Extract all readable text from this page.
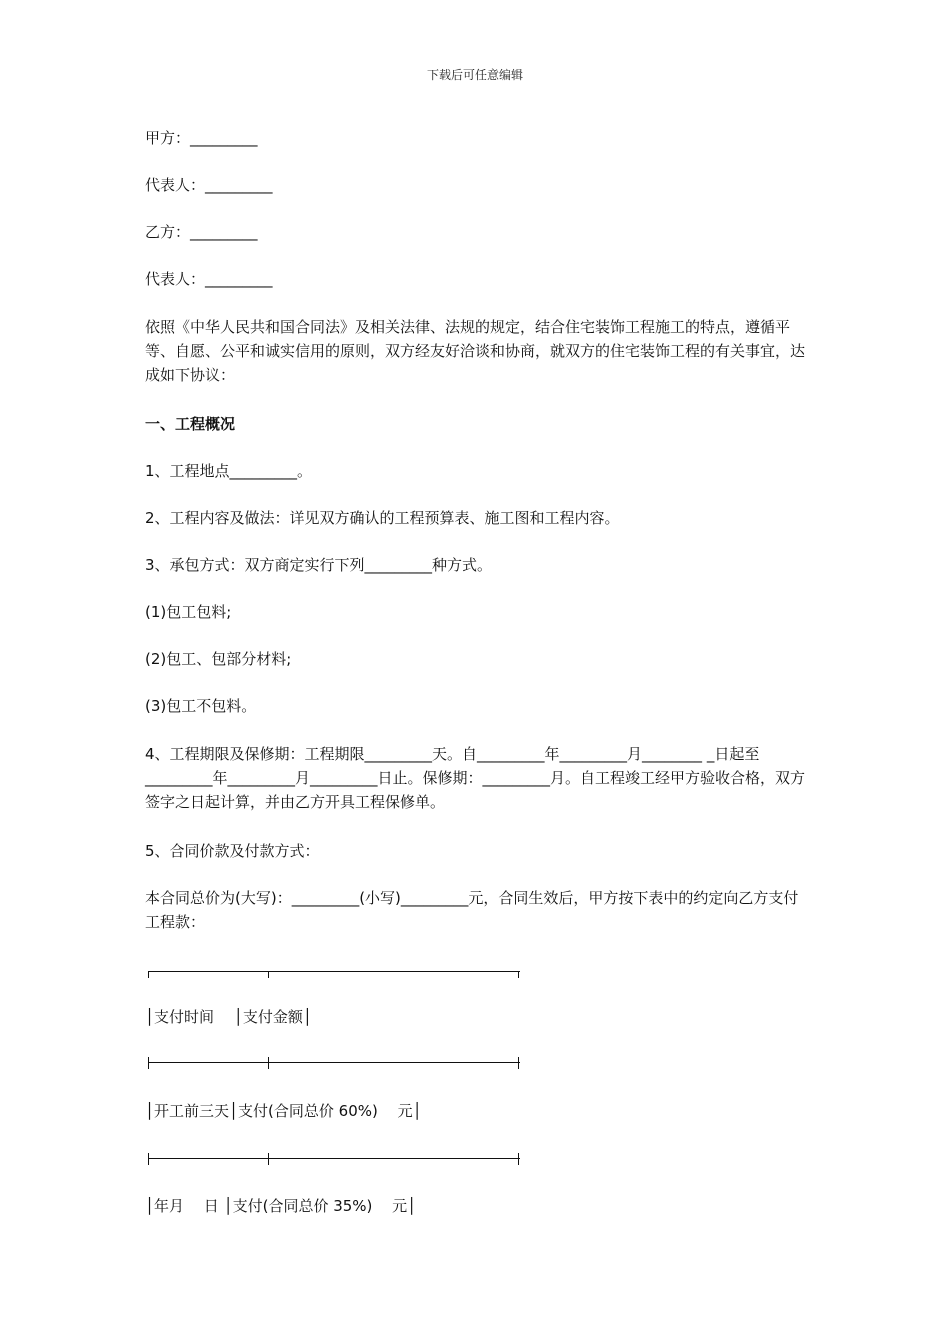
下载后可任意编辑
甲方：_________
代表人：_________
乙方：_________
代表人：_________
依照《中华人民共和国合同法》及相关法律、法规的规定，结合住宅装饰工程施工的特点，遵循平等、自愿、公平和诚实信用的原则，双方经友好洽谈和协商，就双方的住宅装饰工程的有关事宜，达成如下协议：
一、工程概况
1、工程地点_________。
2、工程内容及做法：详见双方确认的工程预算表、施工图和工程内容。
3、承包方式：双方商定实行下列_________种方式。
(1)包工包料;
(2)包工、包部分材料;
(3)包工不包料。
4、工程期限及保修期：工程期限_________天。自_________年_________月________ _日起至_________年_________月_________日止。保修期：_________月。自工程竣工经甲方验收合格，双方签字之日起计算，并由乙方开具工程保修单。
5、合同价款及付款方式：
本合同总价为(大写)：_________(小写)_________元，合同生效后，甲方按下表中的约定向乙方支付工程款：
│支付时间　 │支付金额│
│开工前三天│支付(合同总价 60%)　 元│
│年月　 日 │支付(合同总价 35%)　 元│
